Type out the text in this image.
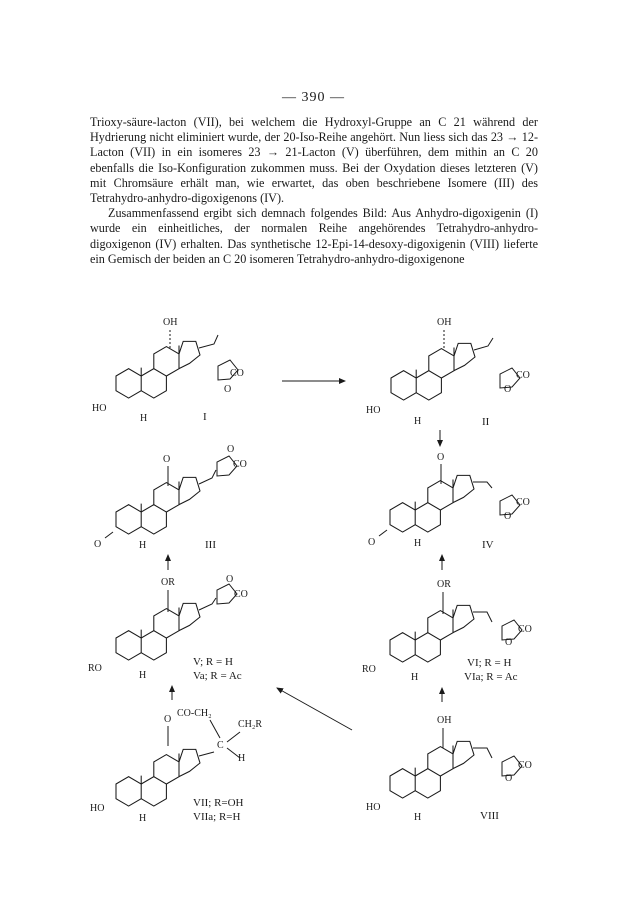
— 390 —

Trioxy-säure-lacton (VII), bei welchem die Hydroxyl-Gruppe an C 21 während der Hydrierung nicht eliminiert wurde, der 20-Iso-Reihe angehört. Nun liess sich das 23 → 12-Lacton (VII) in ein isomeres 23 → 21-Lacton (V) überführen, dem mithin an C 20 ebenfalls die Iso-Konfiguration zukommen muss. Bei der Oxydation dieses letzteren (V) mit Chromsäure erhält man, wie erwartet, das oben beschriebene Isomere (III) des Tetrahydro-anhydro-digoxigenons (IV).

Zusammenfassend ergibt sich demnach folgendes Bild: Aus Anhydro-digoxigenin (I) wurde ein einheitliches, der normalen Reihe angehörendes Tetrahydro-anhydro-digoxigenon (IV) erhalten. Das synthetische 12-Epi-14-desoxy-digoxigenin (VIII) lieferte ein Gemisch der beiden an C 20 isomeren Tetrahydro-anhydro-digoxigenone

OH
CO
O
HO
H	I
OH
CO
O
HO
H	II
O
O
CO
O	H	III
O
CO
O
O	H	IV
OR	O
CO
RO
H
V; R = H
Va; R = Ac
OR
CO
O
RO
H
VI; R = H
VIa; R = Ac
CO-CH₂
O
C
CH₂R
H
HO
H
VII; R=OH
VIIa; R=H
OH
CO
O
HO
H	VIII
